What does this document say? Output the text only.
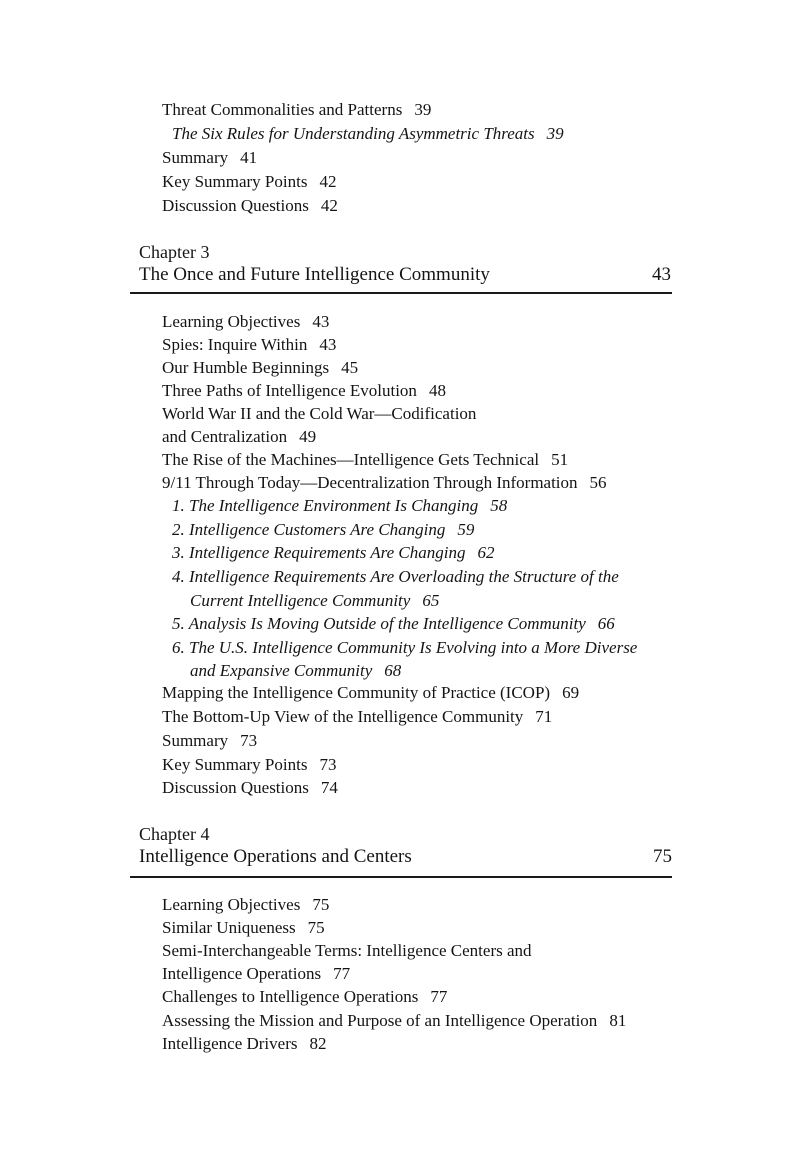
Threat Commonalities and Patterns 39
The Six Rules for Understanding Asymmetric Threats 39
Summary 41
Key Summary Points 42
Discussion Questions 42
Chapter 3
The Once and Future Intelligence Community	43
Learning Objectives 43
Spies: Inquire Within 43
Our Humble Beginnings 45
Three Paths of Intelligence Evolution 48
World War II and the Cold War—Codification
and Centralization 49
The Rise of the Machines—Intelligence Gets Technical 51
9/11 Through Today—Decentralization Through Information 56
1. The Intelligence Environment Is Changing 58
2. Intelligence Customers Are Changing 59
3. Intelligence Requirements Are Changing 62
4. Intelligence Requirements Are Overloading the Structure of the
Current Intelligence Community 65
5. Analysis Is Moving Outside of the Intelligence Community 66
6. The U.S. Intelligence Community Is Evolving into a More Diverse
and Expansive Community 68
Mapping the Intelligence Community of Practice (ICOP) 69
The Bottom-Up View of the Intelligence Community 71
Summary 73
Key Summary Points 73
Discussion Questions 74
Chapter 4
Intelligence Operations and Centers	75
Learning Objectives 75
Similar Uniqueness 75
Semi-Interchangeable Terms: Intelligence Centers and
Intelligence Operations 77
Challenges to Intelligence Operations 77
Assessing the Mission and Purpose of an Intelligence Operation 81
Intelligence Drivers 82
